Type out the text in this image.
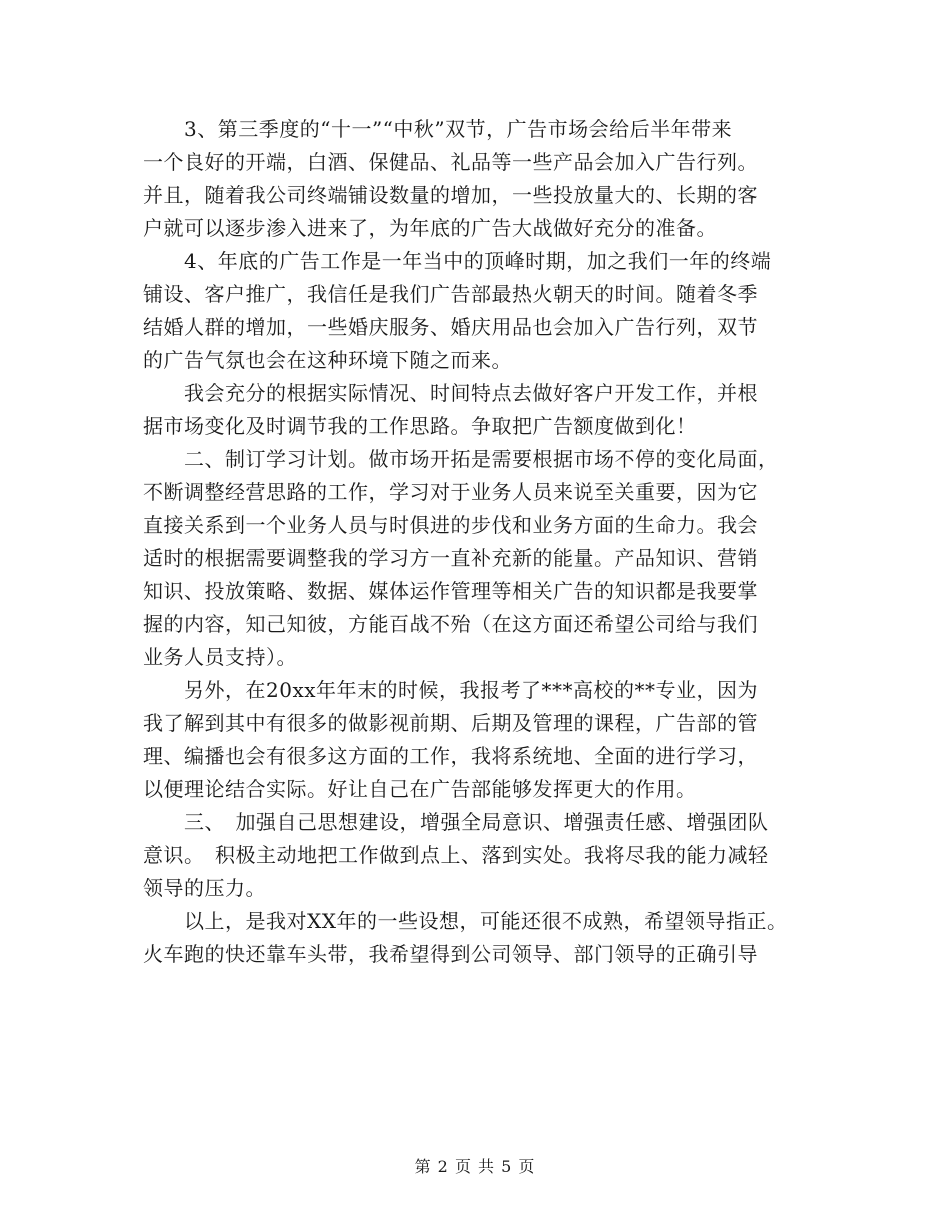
　　3、第三季度的“十一”“中秋”双节，广告市场会给后半年带来
一个良好的开端，白酒、保健品、礼品等一些产品会加入广告行列。
并且，随着我公司终端铺设数量的增加，一些投放量大的、长期的客
户就可以逐步渗入进来了，为年底的广告大战做好充分的准备。
　　4、年底的广告工作是一年当中的顶峰时期，加之我们一年的终端
铺设、客户推广，我信任是我们广告部最热火朝天的时间。随着冬季
结婚人群的增加，一些婚庆服务、婚庆用品也会加入广告行列，双节
的广告气氛也会在这种环境下随之而来。
　　我会充分的根据实际情况、时间特点去做好客户开发工作，并根
据市场变化及时调节我的工作思路。争取把广告额度做到化！
　　二、制订学习计划。做市场开拓是需要根据市场不停的变化局面，
不断调整经营思路的工作，学习对于业务人员来说至关重要，因为它
直接关系到一个业务人员与时俱进的步伐和业务方面的生命力。我会
适时的根据需要调整我的学习方一直补充新的能量。产品知识、营销
知识、投放策略、数据、媒体运作管理等相关广告的知识都是我要掌
握的内容，知己知彼，方能百战不殆（在这方面还希望公司给与我们
业务人员支持）。
　　另外，在20xx年年末的时候，我报考了***高校的**专业，因为
我了解到其中有很多的做影视前期、后期及管理的课程，广告部的管
理、编播也会有很多这方面的工作，我将系统地、全面的进行学习，
以便理论结合实际。好让自己在广告部能够发挥更大的作用。
　　三、　加强自己思想建设，增强全局意识、增强责任感、增强团队
意识。　积极主动地把工作做到点上、落到实处。我将尽我的能力减轻
领导的压力。
　　以上，是我对XX年的一些设想，可能还很不成熟，希望领导指正。
火车跑的快还靠车头带，我希望得到公司领导、部门领导的正确引导
第 2 页 共 5 页
